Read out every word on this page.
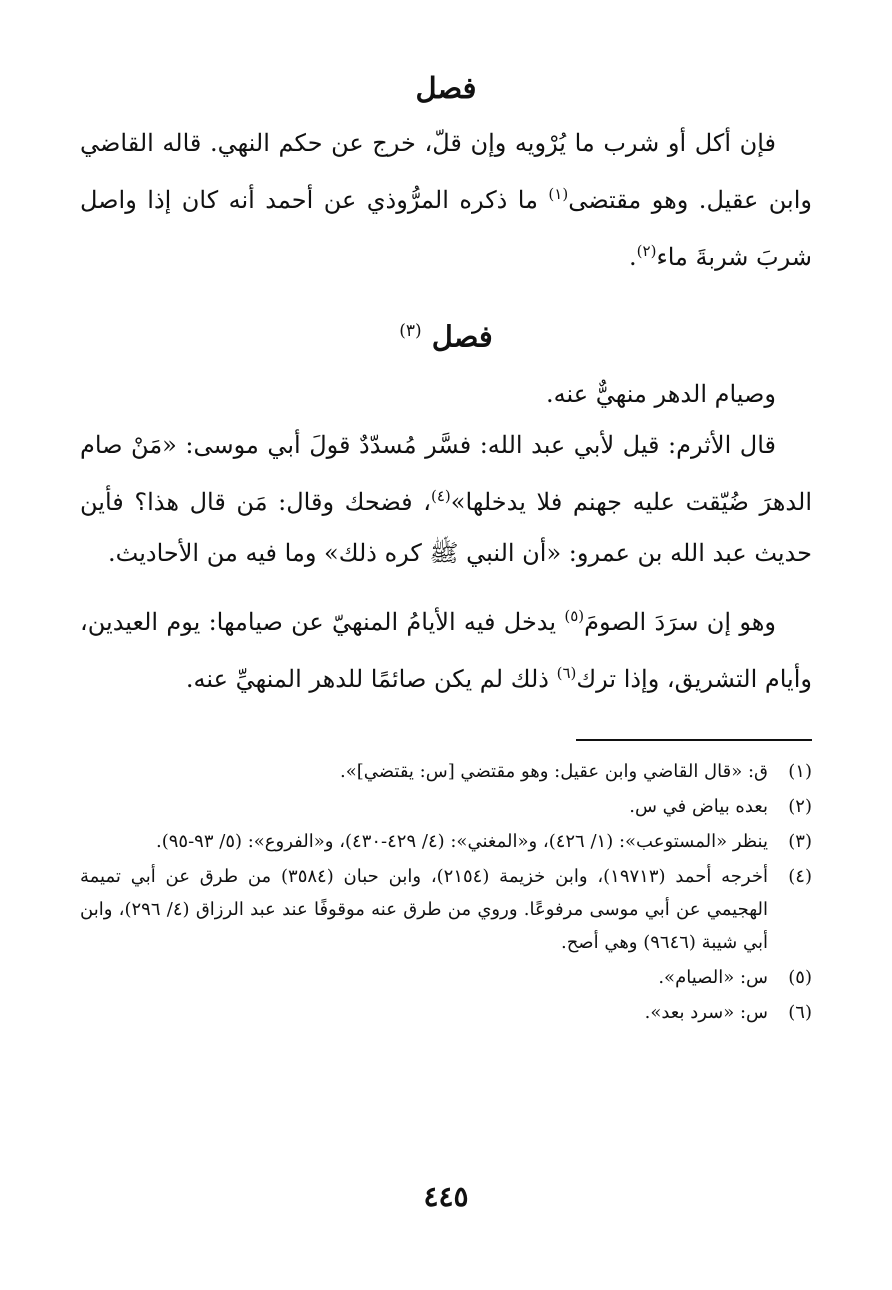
فصل

فإن أكل أو شرب ما يُرْويه وإن قلّ، خرج عن حكم النهي. قاله القاضي وابن عقيل. وهو مقتضى$^{(١)}$ ما ذكره المرُّوذي عن أحمد أنه كان إذا واصل شربَ شربةَ ماء$^{(٢)}$.

فصل $^{(٣)}$

وصيام الدهر منهيٌّ عنه.

قال الأثرم: قيل لأبي عبد الله: فسَّر مُسدّدٌ قولَ أبي موسى: «مَنْ صام الدهرَ ضُيّقت عليه جهنم فلا يدخلها»$^{(٤)}$، فضحك وقال: مَن قال هذا؟ فأين حديث عبد الله بن عمرو: «أن النبي ﷺ كره ذلك» وما فيه من الأحاديث.

وهو إن سرَدَ الصومَ$^{(٥)}$ يدخل فيه الأيامُ المنهيّ عن صيامها: يوم العيدين، وأيام التشريق، وإذا ترك$^{(٦)}$ ذلك لم يكن صائمًا للدهر المنهيِّ عنه.

(١)
ق: «قال القاضي وابن عقيل: وهو مقتضي [س: يقتضي]».
(٢)
بعده بياض في س.
(٣)
ينظر «المستوعب»: (١/ ٤٢٦)، و«المغني»: (٤/ ٤٢٩-٤٣٠)، و«الفروع»: (٥/ ٩٣-٩٥).
(٤)
أخرجه أحمد (١٩٧١٣)، وابن خزيمة (٢١٥٤)، وابن حبان (٣٥٨٤) من طرق عن أبي تميمة الهجيمي عن أبي موسى مرفوعًا. وروي من طرق عنه موقوفًا عند عبد الرزاق (٤/ ٢٩٦)، وابن أبي شيبة (٩٦٤٦) وهي أصح.
(٥)
س: «الصيام».
(٦)
س: «سرد بعد».
٤٤٥
